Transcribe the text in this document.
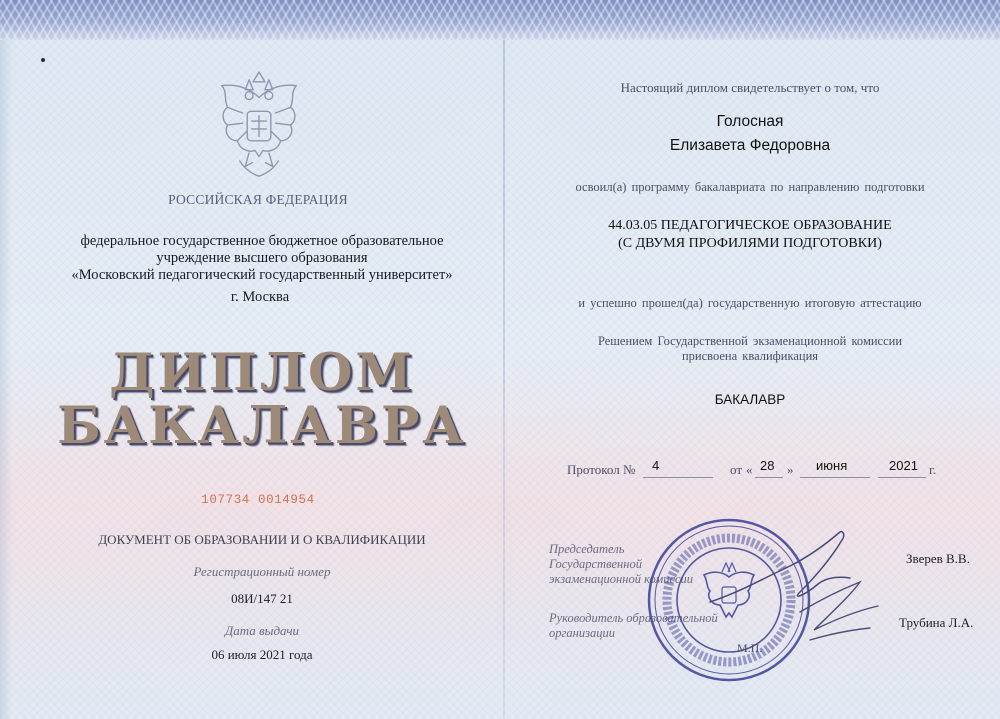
РОССИЙСКАЯ ФЕДЕРАЦИЯ
федеральное государственное бюджетное образовательное
учреждение высшего образования
«Московский педагогический государственный университет»
г. Москва
ДИПЛОМ
БАКАЛАВРА
107734 0014954
ДОКУМЕНТ ОБ ОБРАЗОВАНИИ И О КВАЛИФИКАЦИИ
Регистрационный номер
08И/147 21
Дата выдачи
06 июля 2021 года
Настоящий диплом свидетельствует о том, что
Голосная
Елизавета Федоровна
освоил(а) программу бакалавриата по направлению подготовки
44.03.05 ПЕДАГОГИЧЕСКОЕ ОБРАЗОВАНИЕ
(С ДВУМЯ ПРОФИЛЯМИ ПОДГОТОВКИ)
и успешно прошел(да) государственную итоговую аттестацию
Решением Государственной экзаменационной комиссии
присвоена квалификация
БАКАЛАВР
Протокол № 4	от « 28 » июня	2021 г.
Председатель
Государственной
экзаменационной комиссии
Зверев В.В.
Руководитель образовательной
организации
Трубина Л.А.
М.П.
